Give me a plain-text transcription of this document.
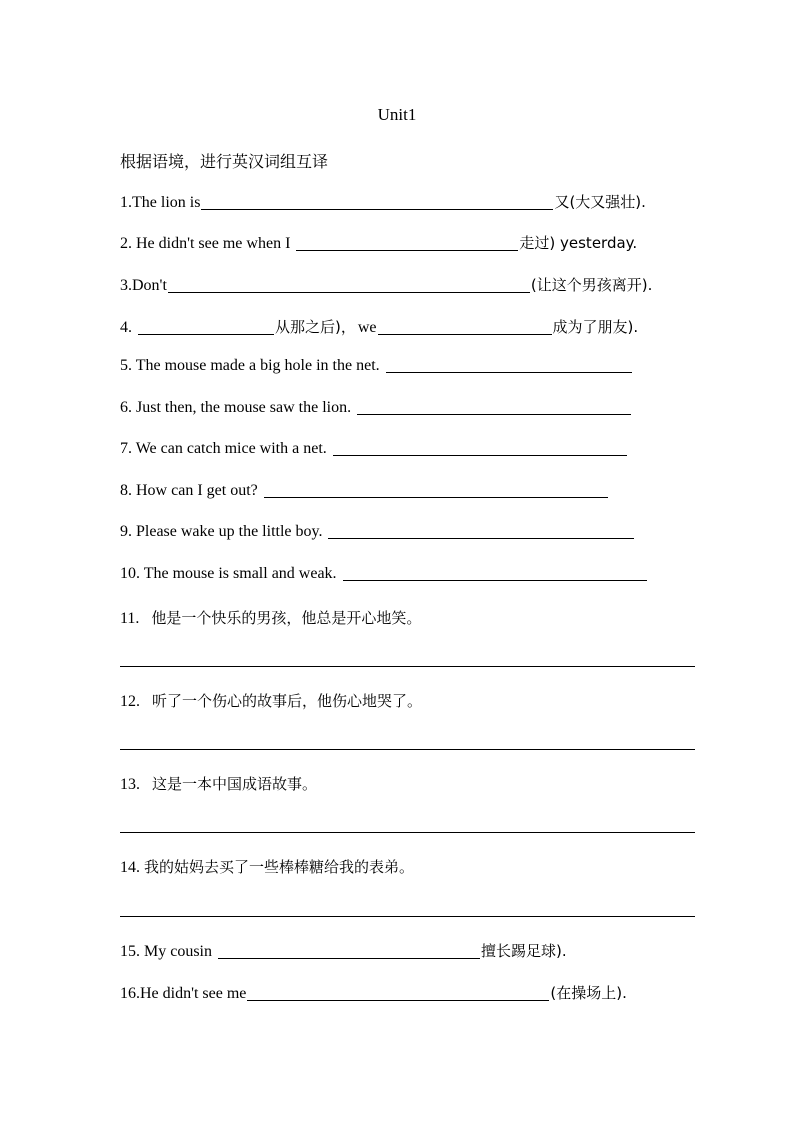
Unit1
根据语境，进行英汉词组互译
1.The lion is	又(大又强壮).
2. He didn't see me when I	走过) yesterday.
3.Don't	(让这个男孩离开).
4.	从那之后)， we	成为了朋友).
5. The mouse made a big hole in the net.
6. Just then, the mouse saw the lion.
7. We can catch mice with a net.
8. How can I get out?
9. Please wake up the little boy.
10. The mouse is small and weak.
11. 他是一个快乐的男孩，他总是开心地笑。
12. 听了一个伤心的故事后，他伤心地哭了。
13. 这是一本中国成语故事。
14. 我的姑妈去买了一些棒棒糖给我的表弟。
15. My cousin	擅长踢足球).
16.He didn't see me	(在操场上).
